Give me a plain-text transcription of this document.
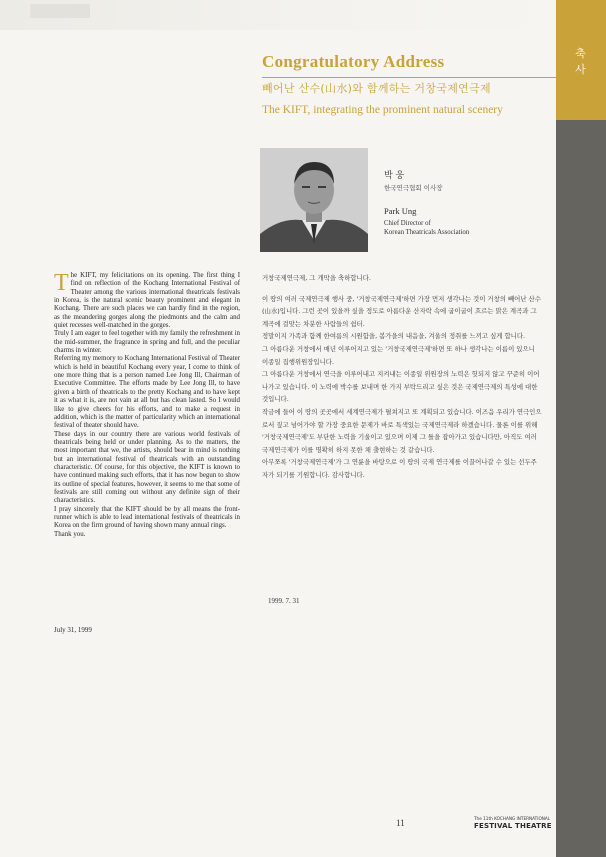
축
사
Congratulatory Address

빼어난 산수(山水)와 함께하는 거창국제연극제

The KIFT, integrating the prominent natural scenery

박 웅

한국연극협회 이사장

Park Ung

Chief Director of
Korean Theatricals Association

The KIFT, my felicitations on its opening. The first thing I find on reflection of the Kochang International Festival of Theater among the various international theatricals festivals in Korea, is the natural scenic beauty prominent and elegant in Kochang. There are such places we can hardly find in the region, as the meandering gorges along the piedmonts and the calm and quiet recesses well-matched in the gorges.

Truly I am eager to feel together with my family the refreshment in the mid-summer, the fragrance in spring and full, and the peculiar charms in winter.

Referring my memory to Kochang International Festival of Theater which is held in beautiful Kochang every year, I come to think of one more thing that is a person named Lee Jong Ill, Chairman of Executive Committee. The efforts made by Lee Jong Ill, to have given a birth of theatricals to the pretty Kochang and to have kept it as what it is, are not vain at all but has clean lasted. So I would like to give cheers for his efforts, and to make a request in addition, which is the matter of particularity which an international festival of theater should have.

These days in our country there are various world festivals of theatricals being held or under planning. As to the matters, the most important that we, the artists, should bear in mind is nothing but an international festival of theatricals with an outstanding characteristic. Of course, for this objective, the KIFT is known to have continued making such efforts, that it has now begun to show its outline of special features, however, it seems to me that some of festivals are still coming out without any definite sign of their characteristics.

I pray sincerely that the KIFT should be by all means the front-runner which is able to lead international festivals of theatricals in Korea on the firm ground of having shown many annual rings.

Thank you.

July 31, 1999

거창국제연극제, 그 개막을 축하합니다.

이 땅의 여러 국제연극제 행사 중, '거창국제연극제'하면 가장 먼저 생각나는 것이 거창의 빼어난 산수(山水)입니다. 그런 곳이 있을까 싶을 정도로 아름다운 산자락 속에 굽이굽이 흐르는 맑은 계곡과 그 계곡에 걸맞는 차분한 사람들의 쉼터.

정말이지 가족과 함께 한여름의 시원함을, 봄가을의 내음을, 겨울의 정취를 느끼고 싶게 합니다.

그 아름다운 거창에서 매년 이루어지고 있는 '거창국제연극제'하면 또 하나 생각나는 이름이 있으니 이종일 집행위원장입니다.

그 아름다운 거창에서 연극을 이루어내고 지켜내는 이종일 위원장의 노력은 헛되지 않고 꾸준히 이어나가고 있습니다. 이 노력에 박수를 보내며 한 가지 부탁드리고 싶은 것은 국제연극제의 특성에 대한 것입니다.

작금에 들어 이 땅의 곳곳에서 세계연극제가 펼쳐지고 또 계획되고 있습니다. 이즈음 우리가 연극인으로서 짚고 넘어가야 할 가장 중요한 문제가 바로 특색있는 국제연극제라 하겠습니다. 물론 이를 위해 '거창국제연극제'도 부단한 노력을 기울이고 있으며 이제 그 틀을 잡아가고 있습니다만, 아직도 여러 국제연극제가 이를 명확히 하지 못한 채 출현하는 것 같습니다.

아무쪼록 '거창국제연극제'가 그 연륜을 바탕으로 이 땅의 국제 연극제를 이끌어나갈 수 있는 선두주자가 되기를 기원합니다. 감사합니다.

1999. 7. 31

11	The 11th KOCHANG INTERNATIONAL

FESTIVAL THEATRE
